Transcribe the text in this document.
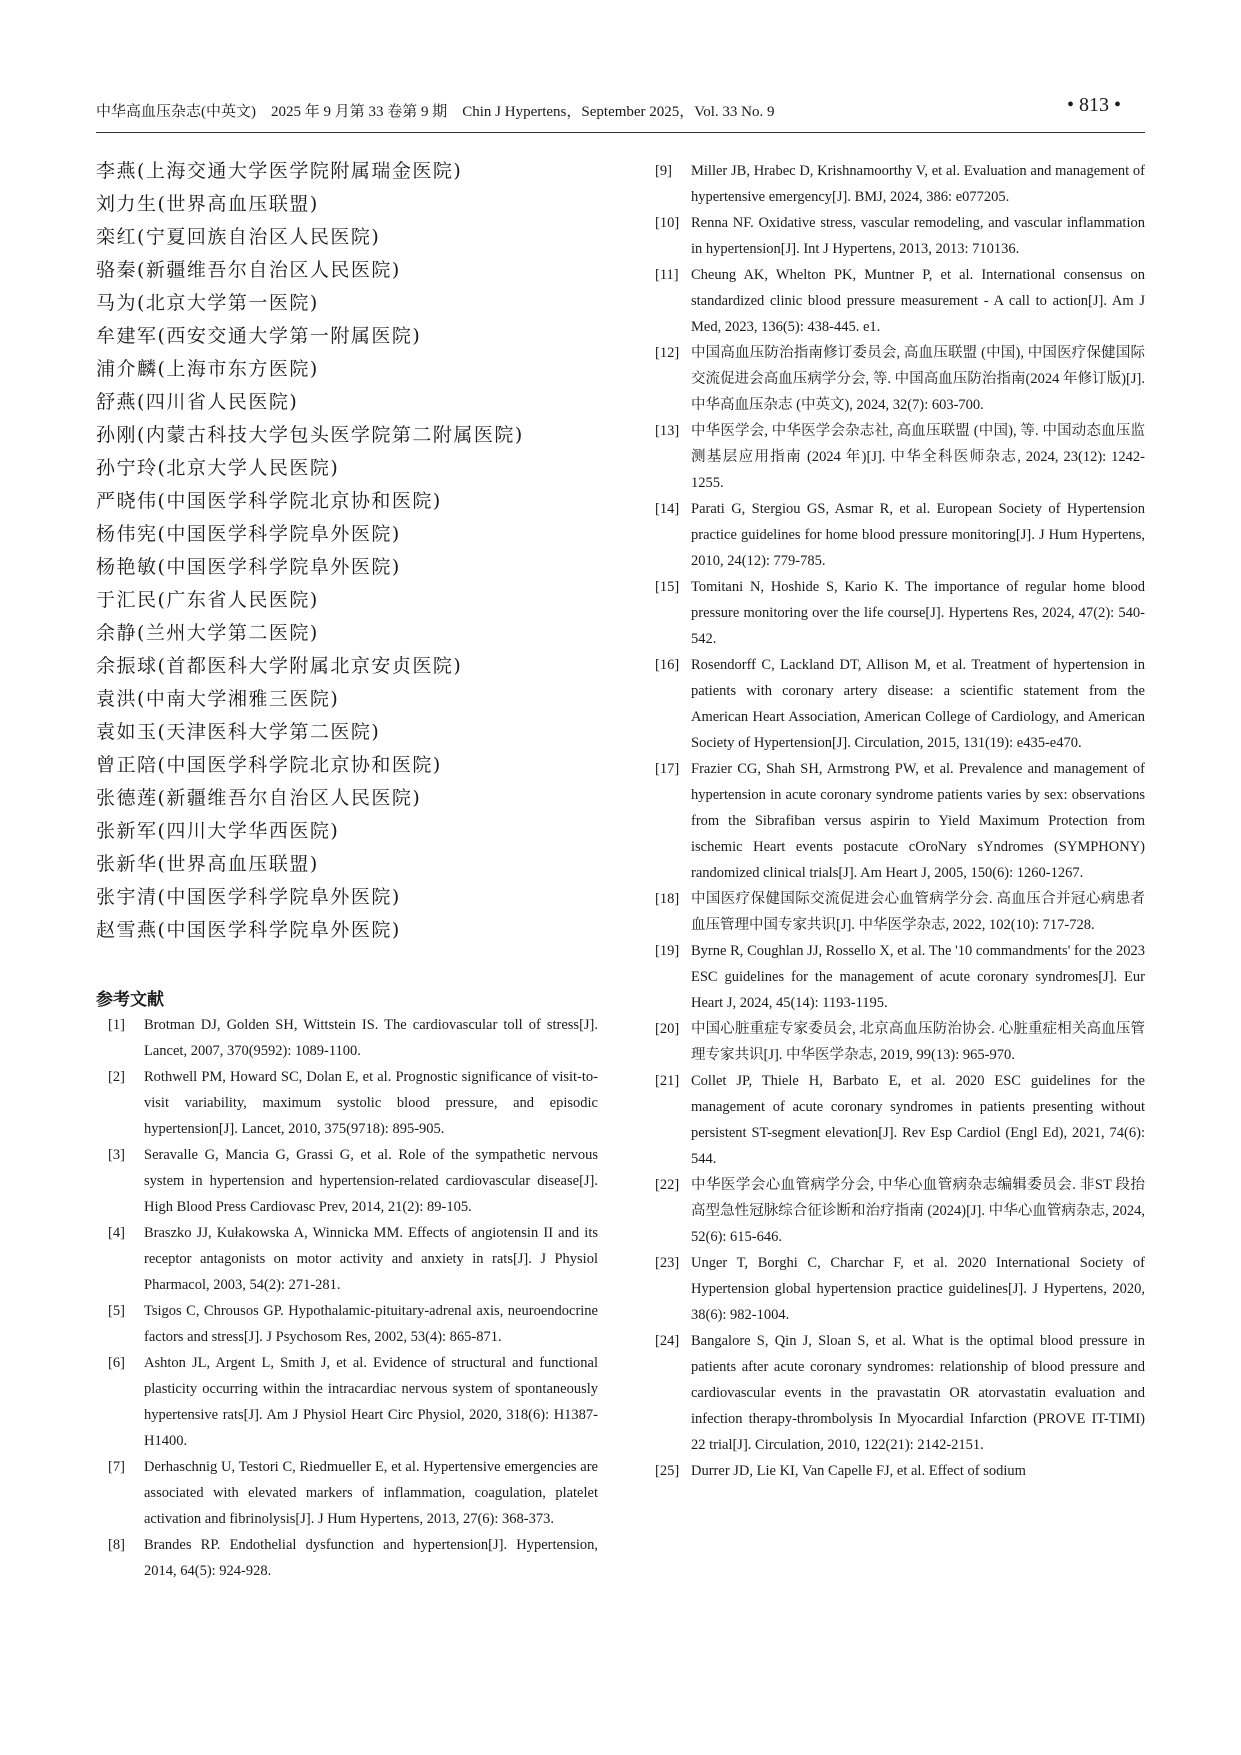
中华高血压杂志(中英文)　2025 年 9 月第 33 卷第 9 期　Chin J Hypertens，September 2025，Vol. 33 No. 9	• 813 •
李燕(上海交通大学医学院附属瑞金医院)
刘力生(世界高血压联盟)
栾红(宁夏回族自治区人民医院)
骆秦(新疆维吾尔自治区人民医院)
马为(北京大学第一医院)
牟建军(西安交通大学第一附属医院)
浦介麟(上海市东方医院)
舒燕(四川省人民医院)
孙刚(内蒙古科技大学包头医学院第二附属医院)
孙宁玲(北京大学人民医院)
严晓伟(中国医学科学院北京协和医院)
杨伟宪(中国医学科学院阜外医院)
杨艳敏(中国医学科学院阜外医院)
于汇民(广东省人民医院)
余静(兰州大学第二医院)
余振球(首都医科大学附属北京安贞医院)
袁洪(中南大学湘雅三医院)
袁如玉(天津医科大学第二医院)
曾正陪(中国医学科学院北京协和医院)
张德莲(新疆维吾尔自治区人民医院)
张新军(四川大学华西医院)
张新华(世界高血压联盟)
张宇清(中国医学科学院阜外医院)
赵雪燕(中国医学科学院阜外医院)
参考文献
[1] Brotman DJ, Golden SH, Wittstein IS. The cardiovascular toll of stress[J]. Lancet, 2007, 370(9592): 1089-1100.
[2] Rothwell PM, Howard SC, Dolan E, et al. Prognostic significance of visit-to-visit variability, maximum systolic blood pressure, and episodic hypertension[J]. Lancet, 2010, 375(9718): 895-905.
[3] Seravalle G, Mancia G, Grassi G, et al. Role of the sympathetic nervous system in hypertension and hypertension-related cardiovascular disease[J]. High Blood Press Cardiovasc Prev, 2014, 21(2): 89-105.
[4] Braszko JJ, Kułakowska A, Winnicka MM. Effects of angiotensin II and its receptor antagonists on motor activity and anxiety in rats[J]. J Physiol Pharmacol, 2003, 54(2): 271-281.
[5] Tsigos C, Chrousos GP. Hypothalamic-pituitary-adrenal axis, neuroendocrine factors and stress[J]. J Psychosom Res, 2002, 53(4): 865-871.
[6] Ashton JL, Argent L, Smith J, et al. Evidence of structural and functional plasticity occurring within the intracardiac nervous system of spontaneously hypertensive rats[J]. Am J Physiol Heart Circ Physiol, 2020, 318(6): H1387-H1400.
[7] Derhaschnig U, Testori C, Riedmueller E, et al. Hypertensive emergencies are associated with elevated markers of inflammation, coagulation, platelet activation and fibrinolysis[J]. J Hum Hypertens, 2013, 27(6): 368-373.
[8] Brandes RP. Endothelial dysfunction and hypertension[J]. Hypertension, 2014, 64(5): 924-928.
[9] Miller JB, Hrabec D, Krishnamoorthy V, et al. Evaluation and management of hypertensive emergency[J]. BMJ, 2024, 386: e077205.
[10] Renna NF. Oxidative stress, vascular remodeling, and vascular inflammation in hypertension[J]. Int J Hypertens, 2013, 2013: 710136.
[11] Cheung AK, Whelton PK, Muntner P, et al. International consensus on standardized clinic blood pressure measurement - A call to action[J]. Am J Med, 2023, 136(5): 438-445. e1.
[12] 中国高血压防治指南修订委员会, 高血压联盟 (中国), 中国医疗保健国际交流促进会高血压病学分会, 等. 中国高血压防治指南(2024 年修订版)[J]. 中华高血压杂志 (中英文), 2024, 32(7): 603-700.
[13] 中华医学会, 中华医学会杂志社, 高血压联盟 (中国), 等. 中国动态血压监测基层应用指南 (2024 年)[J]. 中华全科医师杂志, 2024, 23(12): 1242-1255.
[14] Parati G, Stergiou GS, Asmar R, et al. European Society of Hypertension practice guidelines for home blood pressure monitoring[J]. J Hum Hypertens, 2010, 24(12): 779-785.
[15] Tomitani N, Hoshide S, Kario K. The importance of regular home blood pressure monitoring over the life course[J]. Hypertens Res, 2024, 47(2): 540-542.
[16] Rosendorff C, Lackland DT, Allison M, et al. Treatment of hypertension in patients with coronary artery disease: a scientific statement from the American Heart Association, American College of Cardiology, and American Society of Hypertension[J]. Circulation, 2015, 131(19): e435-e470.
[17] Frazier CG, Shah SH, Armstrong PW, et al. Prevalence and management of hypertension in acute coronary syndrome patients varies by sex: observations from the Sibrafiban versus aspirin to Yield Maximum Protection from ischemic Heart events postacute cOroNary sYndromes (SYMPHONY) randomized clinical trials[J]. Am Heart J, 2005, 150(6): 1260-1267.
[18] 中国医疗保健国际交流促进会心血管病学分会. 高血压合并冠心病患者血压管理中国专家共识[J]. 中华医学杂志, 2022, 102(10): 717-728.
[19] Byrne R, Coughlan JJ, Rossello X, et al. The '10 commandments' for the 2023 ESC guidelines for the management of acute coronary syndromes[J]. Eur Heart J, 2024, 45(14): 1193-1195.
[20] 中国心脏重症专家委员会, 北京高血压防治协会. 心脏重症相关高血压管理专家共识[J]. 中华医学杂志, 2019, 99(13): 965-970.
[21] Collet JP, Thiele H, Barbato E, et al. 2020 ESC guidelines for the management of acute coronary syndromes in patients presenting without persistent ST-segment elevation[J]. Rev Esp Cardiol (Engl Ed), 2021, 74(6): 544.
[22] 中华医学会心血管病学分会, 中华心血管病杂志编辑委员会. 非ST 段抬高型急性冠脉综合征诊断和治疗指南 (2024)[J]. 中华心血管病杂志, 2024, 52(6): 615-646.
[23] Unger T, Borghi C, Charchar F, et al. 2020 International Society of Hypertension global hypertension practice guidelines[J]. J Hypertens, 2020, 38(6): 982-1004.
[24] Bangalore S, Qin J, Sloan S, et al. What is the optimal blood pressure in patients after acute coronary syndromes: relationship of blood pressure and cardiovascular events in the pravastatin OR atorvastatin evaluation and infection therapy-thrombolysis In Myocardial Infarction (PROVE IT-TIMI) 22 trial[J]. Circulation, 2010, 122(21): 2142-2151.
[25] Durrer JD, Lie KI, Van Capelle FJ, et al. Effect of sodium
